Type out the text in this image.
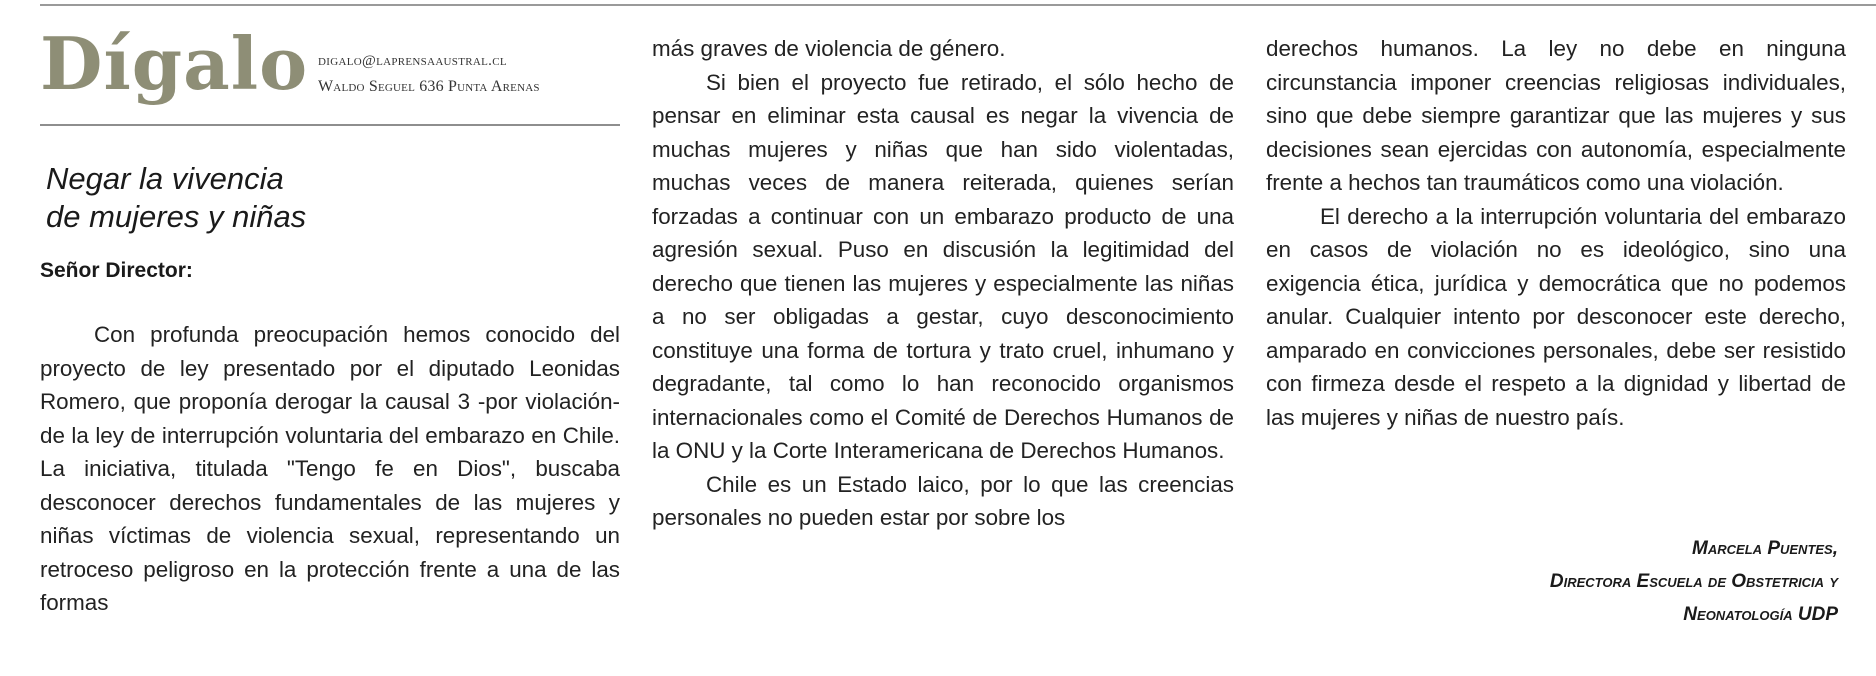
Dígalo digalo@laprensaaustral.cl
Waldo Seguel 636 Punta Arenas
Negar la vivencia
de mujeres y niñas
Señor Director:

Con profunda preocupación hemos conocido del proyecto de ley presentado por el diputado Leonidas Romero, que proponía derogar la causal 3 -por violación- de la ley de interrupción voluntaria del embarazo en Chile. La iniciativa, titulada "Tengo fe en Dios", buscaba desconocer derechos fundamentales de las mujeres y niñas víctimas de violencia sexual, representando un retroceso peligroso en la protección frente a una de las formas

más graves de violencia de género.

Si bien el proyecto fue retirado, el sólo hecho de pensar en eliminar esta causal es negar la vivencia de muchas mujeres y niñas que han sido violentadas, muchas veces de manera reiterada, quienes serían forzadas a continuar con un embarazo producto de una agresión sexual. Puso en discusión la legitimidad del derecho que tienen las mujeres y especialmente las niñas a no ser obligadas a gestar, cuyo desconocimiento constituye una forma de tortura y trato cruel, inhumano y degradante, tal como lo han reconocido organismos internacionales como el Comité de Derechos Humanos de la ONU y la Corte Interamericana de Derechos Humanos.

Chile es un Estado laico, por lo que las creencias personales no pueden estar por sobre los

derechos humanos. La ley no debe en ninguna circunstancia imponer creencias religiosas individuales, sino que debe siempre garantizar que las mujeres y sus decisiones sean ejercidas con autonomía, especialmente frente a hechos tan traumáticos como una violación.

El derecho a la interrupción voluntaria del embarazo en casos de violación no es ideológico, sino una exigencia ética, jurídica y democrática que no podemos anular. Cualquier intento por desconocer este derecho, amparado en convicciones personales, debe ser resistido con firmeza desde el respeto a la dignidad y libertad de las mujeres y niñas de nuestro país.

Marcela Puentes,
Directora Escuela de Obstetricia y
Neonatología UDP
